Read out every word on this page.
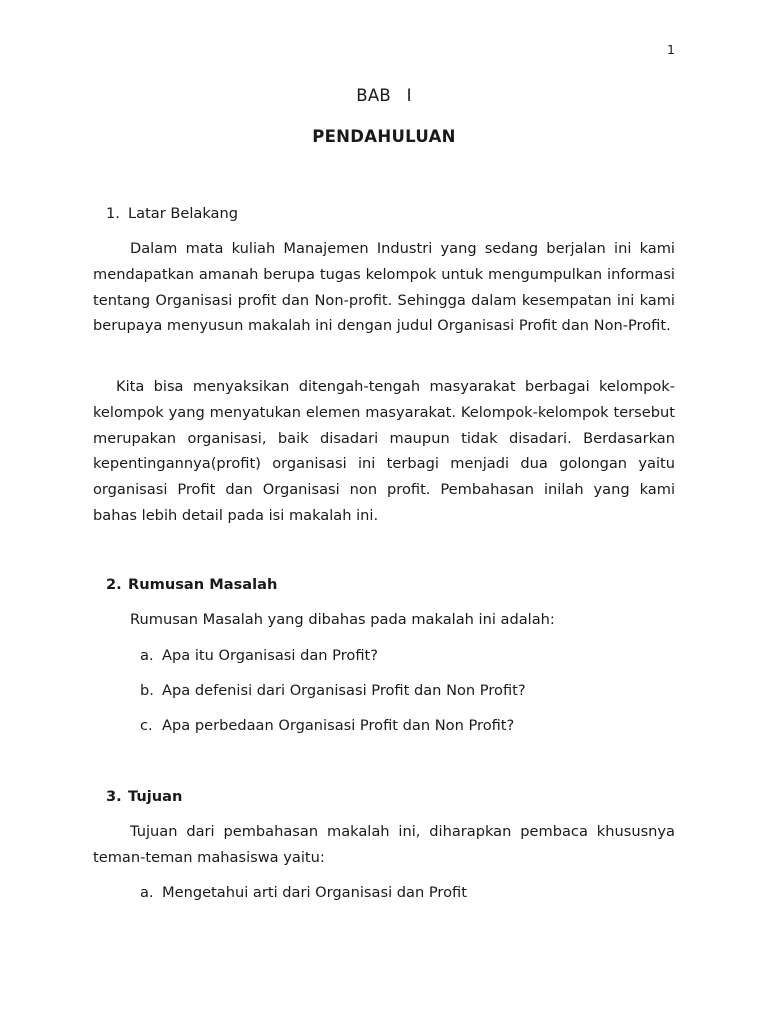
1
BAB I
PENDAHULUAN
1. Latar Belakang

Dalam mata kuliah Manajemen Industri yang sedang berjalan ini kami mendapatkan amanah berupa tugas kelompok untuk mengumpulkan informasi tentang Organisasi profit dan Non-profit. Sehingga dalam kesempatan ini kami berupaya menyusun makalah ini dengan judul Organisasi Profit dan Non-Profit.

Kita bisa menyaksikan ditengah-tengah masyarakat berbagai kelompok-kelompok yang menyatukan elemen masyarakat. Kelompok-kelompok tersebut merupakan organisasi, baik disadari maupun tidak disadari. Berdasarkan kepentingannya(profit) organisasi ini terbagi menjadi dua golongan yaitu organisasi Profit dan Organisasi non profit. Pembahasan inilah yang kami bahas lebih detail pada isi makalah ini.

2. Rumusan Masalah
Rumusan Masalah yang dibahas pada makalah ini adalah:
a. Apa itu Organisasi dan Profit?
b. Apa defenisi dari Organisasi Profit dan Non Profit?
c. Apa perbedaan Organisasi Profit dan Non Profit?
3. Tujuan

Tujuan dari pembahasan makalah ini, diharapkan pembaca khususnya teman-teman mahasiswa yaitu:

a. Mengetahui arti dari Organisasi dan Profit
